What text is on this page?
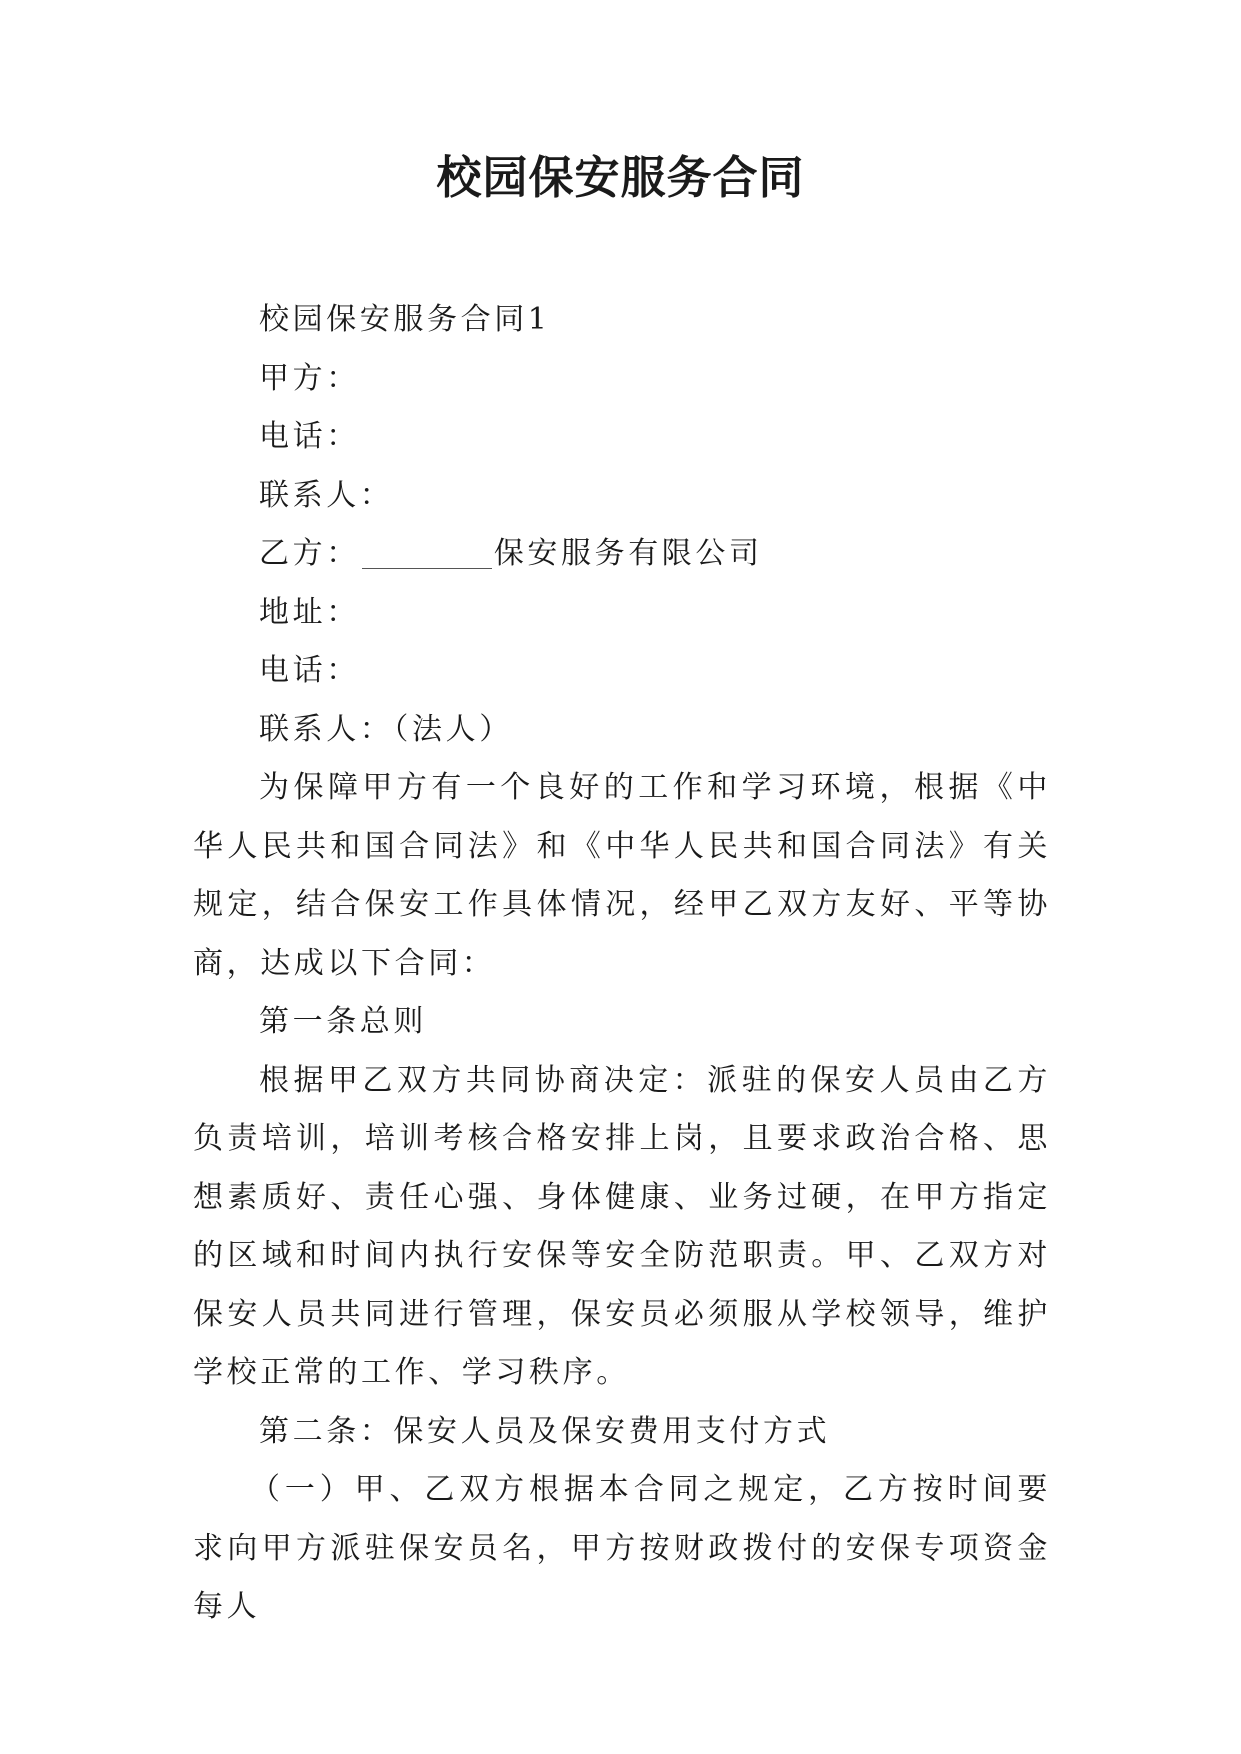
校园保安服务合同

校园保安服务合同1

甲方：

电话：

联系人：

乙方：	保安服务有限公司

地址：

电话：

联系人：（法人）

为保障甲方有一个良好的工作和学习环境，根据《中华人民共和国合同法》和《中华人民共和国合同法》有关规定，结合保安工作具体情况，经甲乙双方友好、平等协商，达成以下合同：

第一条总则

根据甲乙双方共同协商决定：派驻的保安人员由乙方负责培训，培训考核合格安排上岗，且要求政治合格、思想素质好、责任心强、身体健康、业务过硬，在甲方指定的区域和时间内执行安保等安全防范职责。甲、乙双方对保安人员共同进行管理，保安员必须服从学校领导，维护学校正常的工作、学习秩序。

第二条：保安人员及保安费用支付方式

（一）甲、乙双方根据本合同之规定，乙方按时间要求向甲方派驻保安员名，甲方按财政拨付的安保专项资金每人
